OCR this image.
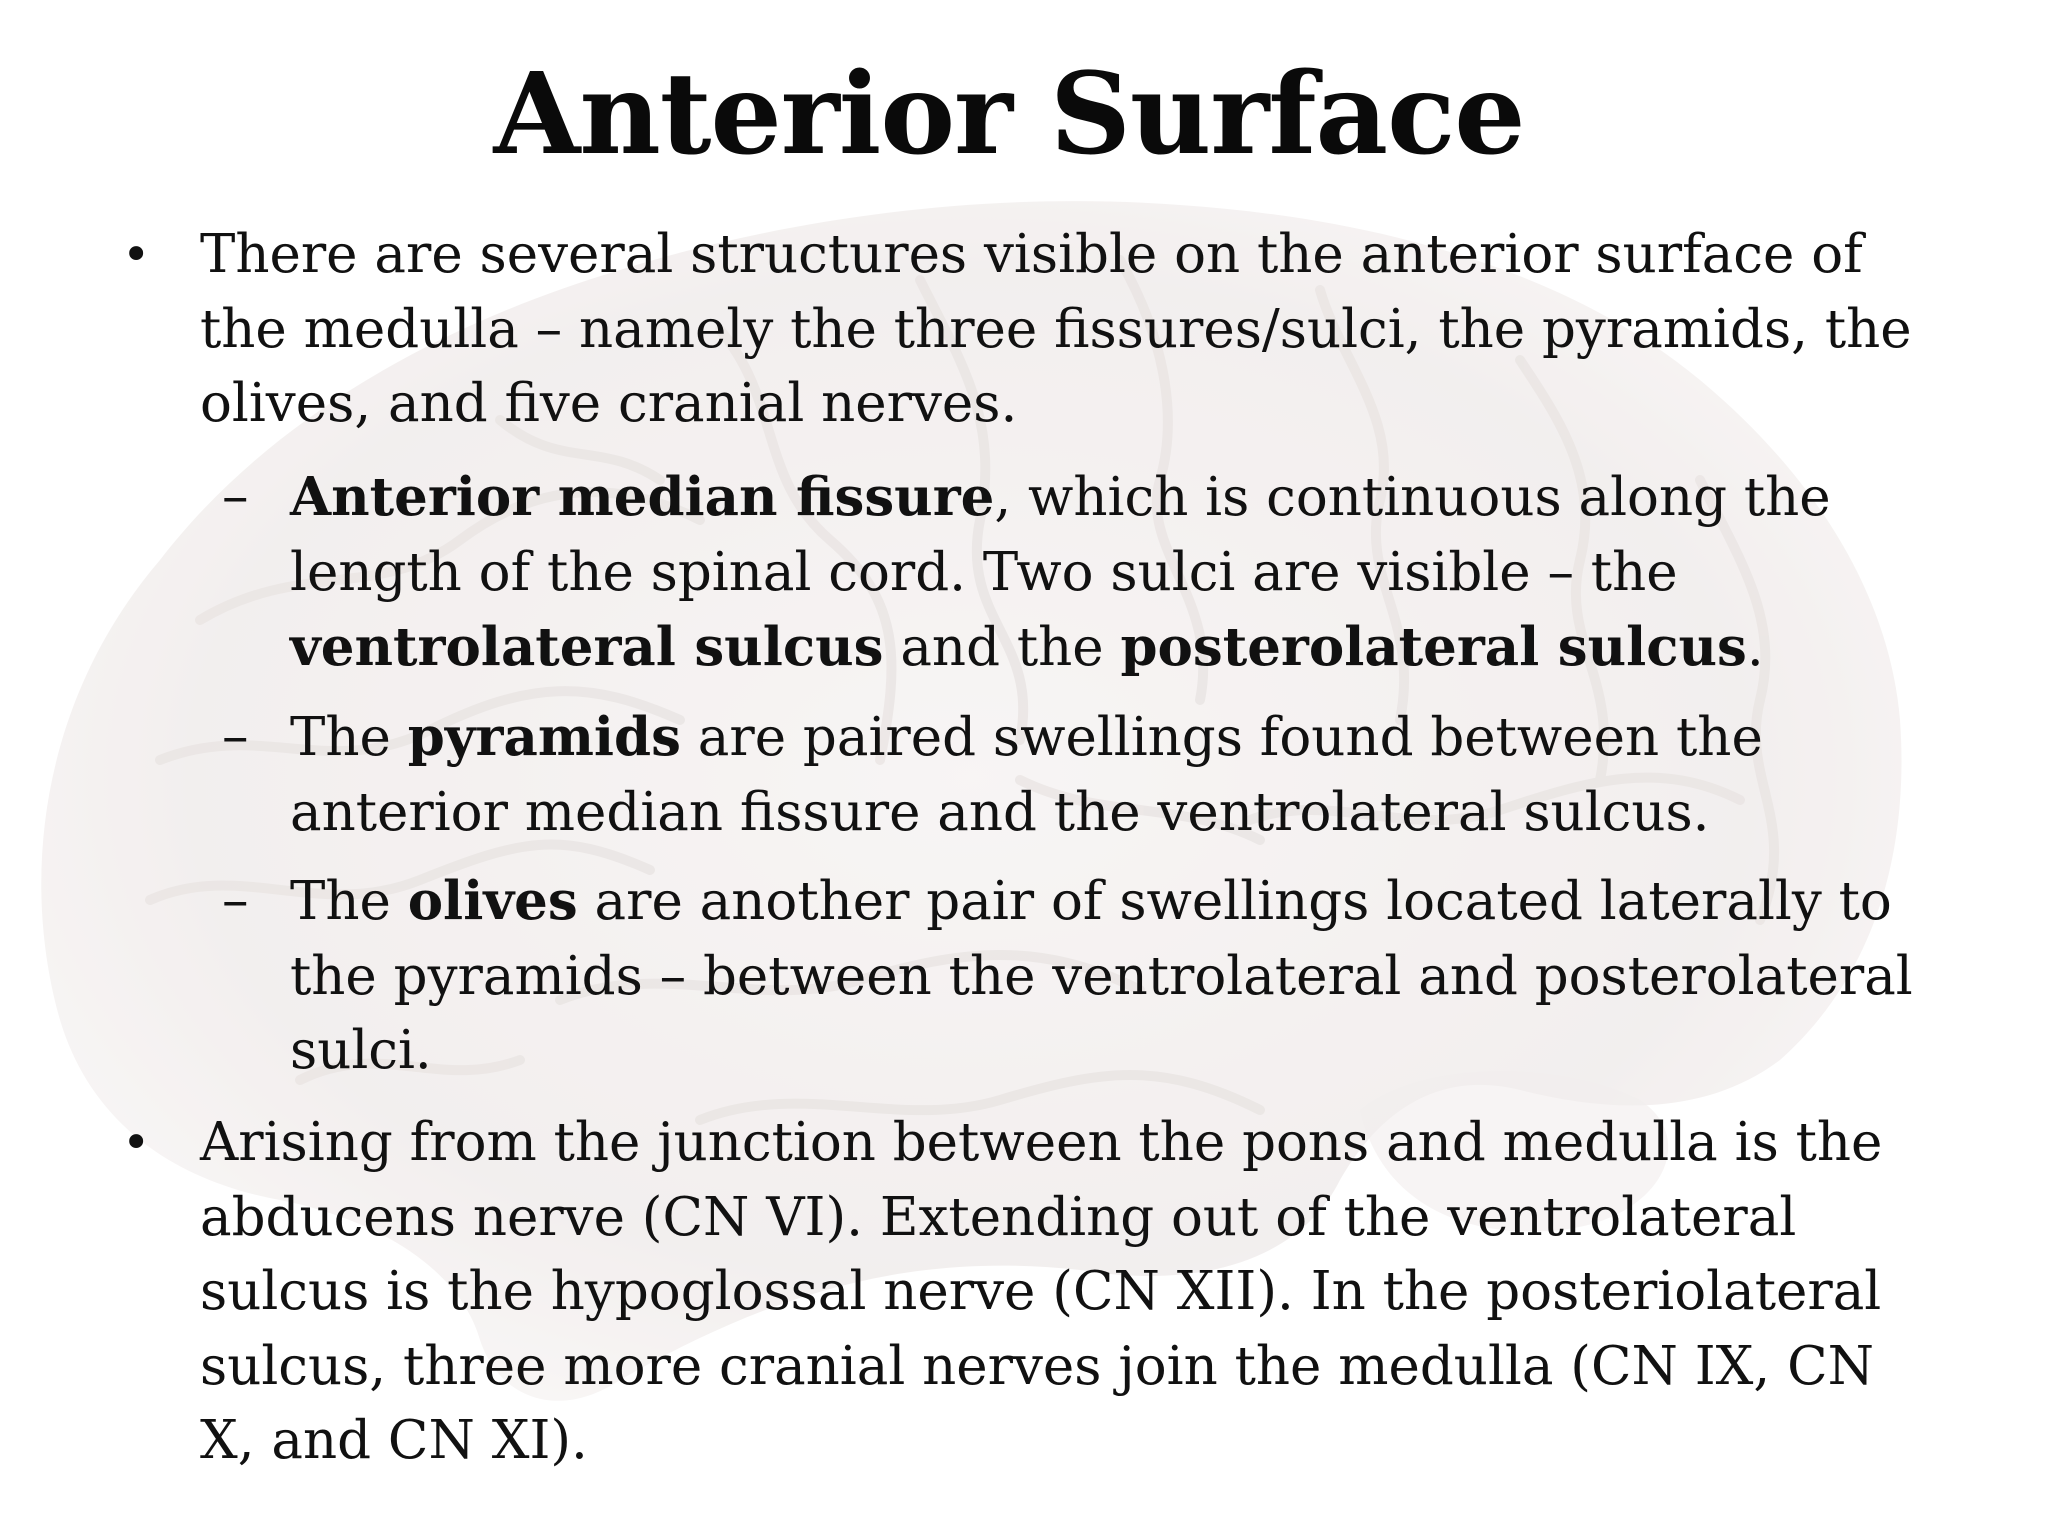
Anterior Surface
• There are several structures visible on the anterior surface of the medulla – namely the three fissures/sulci, the pyramids, the olives, and five cranial nerves.
– Anterior median fissure, which is continuous along the length of the spinal cord. Two sulci are visible – the ventrolateral sulcus and the posterolateral sulcus.
– The pyramids are paired swellings found between the anterior median fissure and the ventrolateral sulcus.
– The olives are another pair of swellings located laterally to the pyramids – between the ventrolateral and posterolateral sulci.
• Arising from the junction between the pons and medulla is the abducens nerve (CN VI). Extending out of the ventrolateral sulcus is the hypoglossal nerve (CN XII). In the posteriolateral sulcus, three more cranial nerves join the medulla (CN IX, CN X, and CN XI).
